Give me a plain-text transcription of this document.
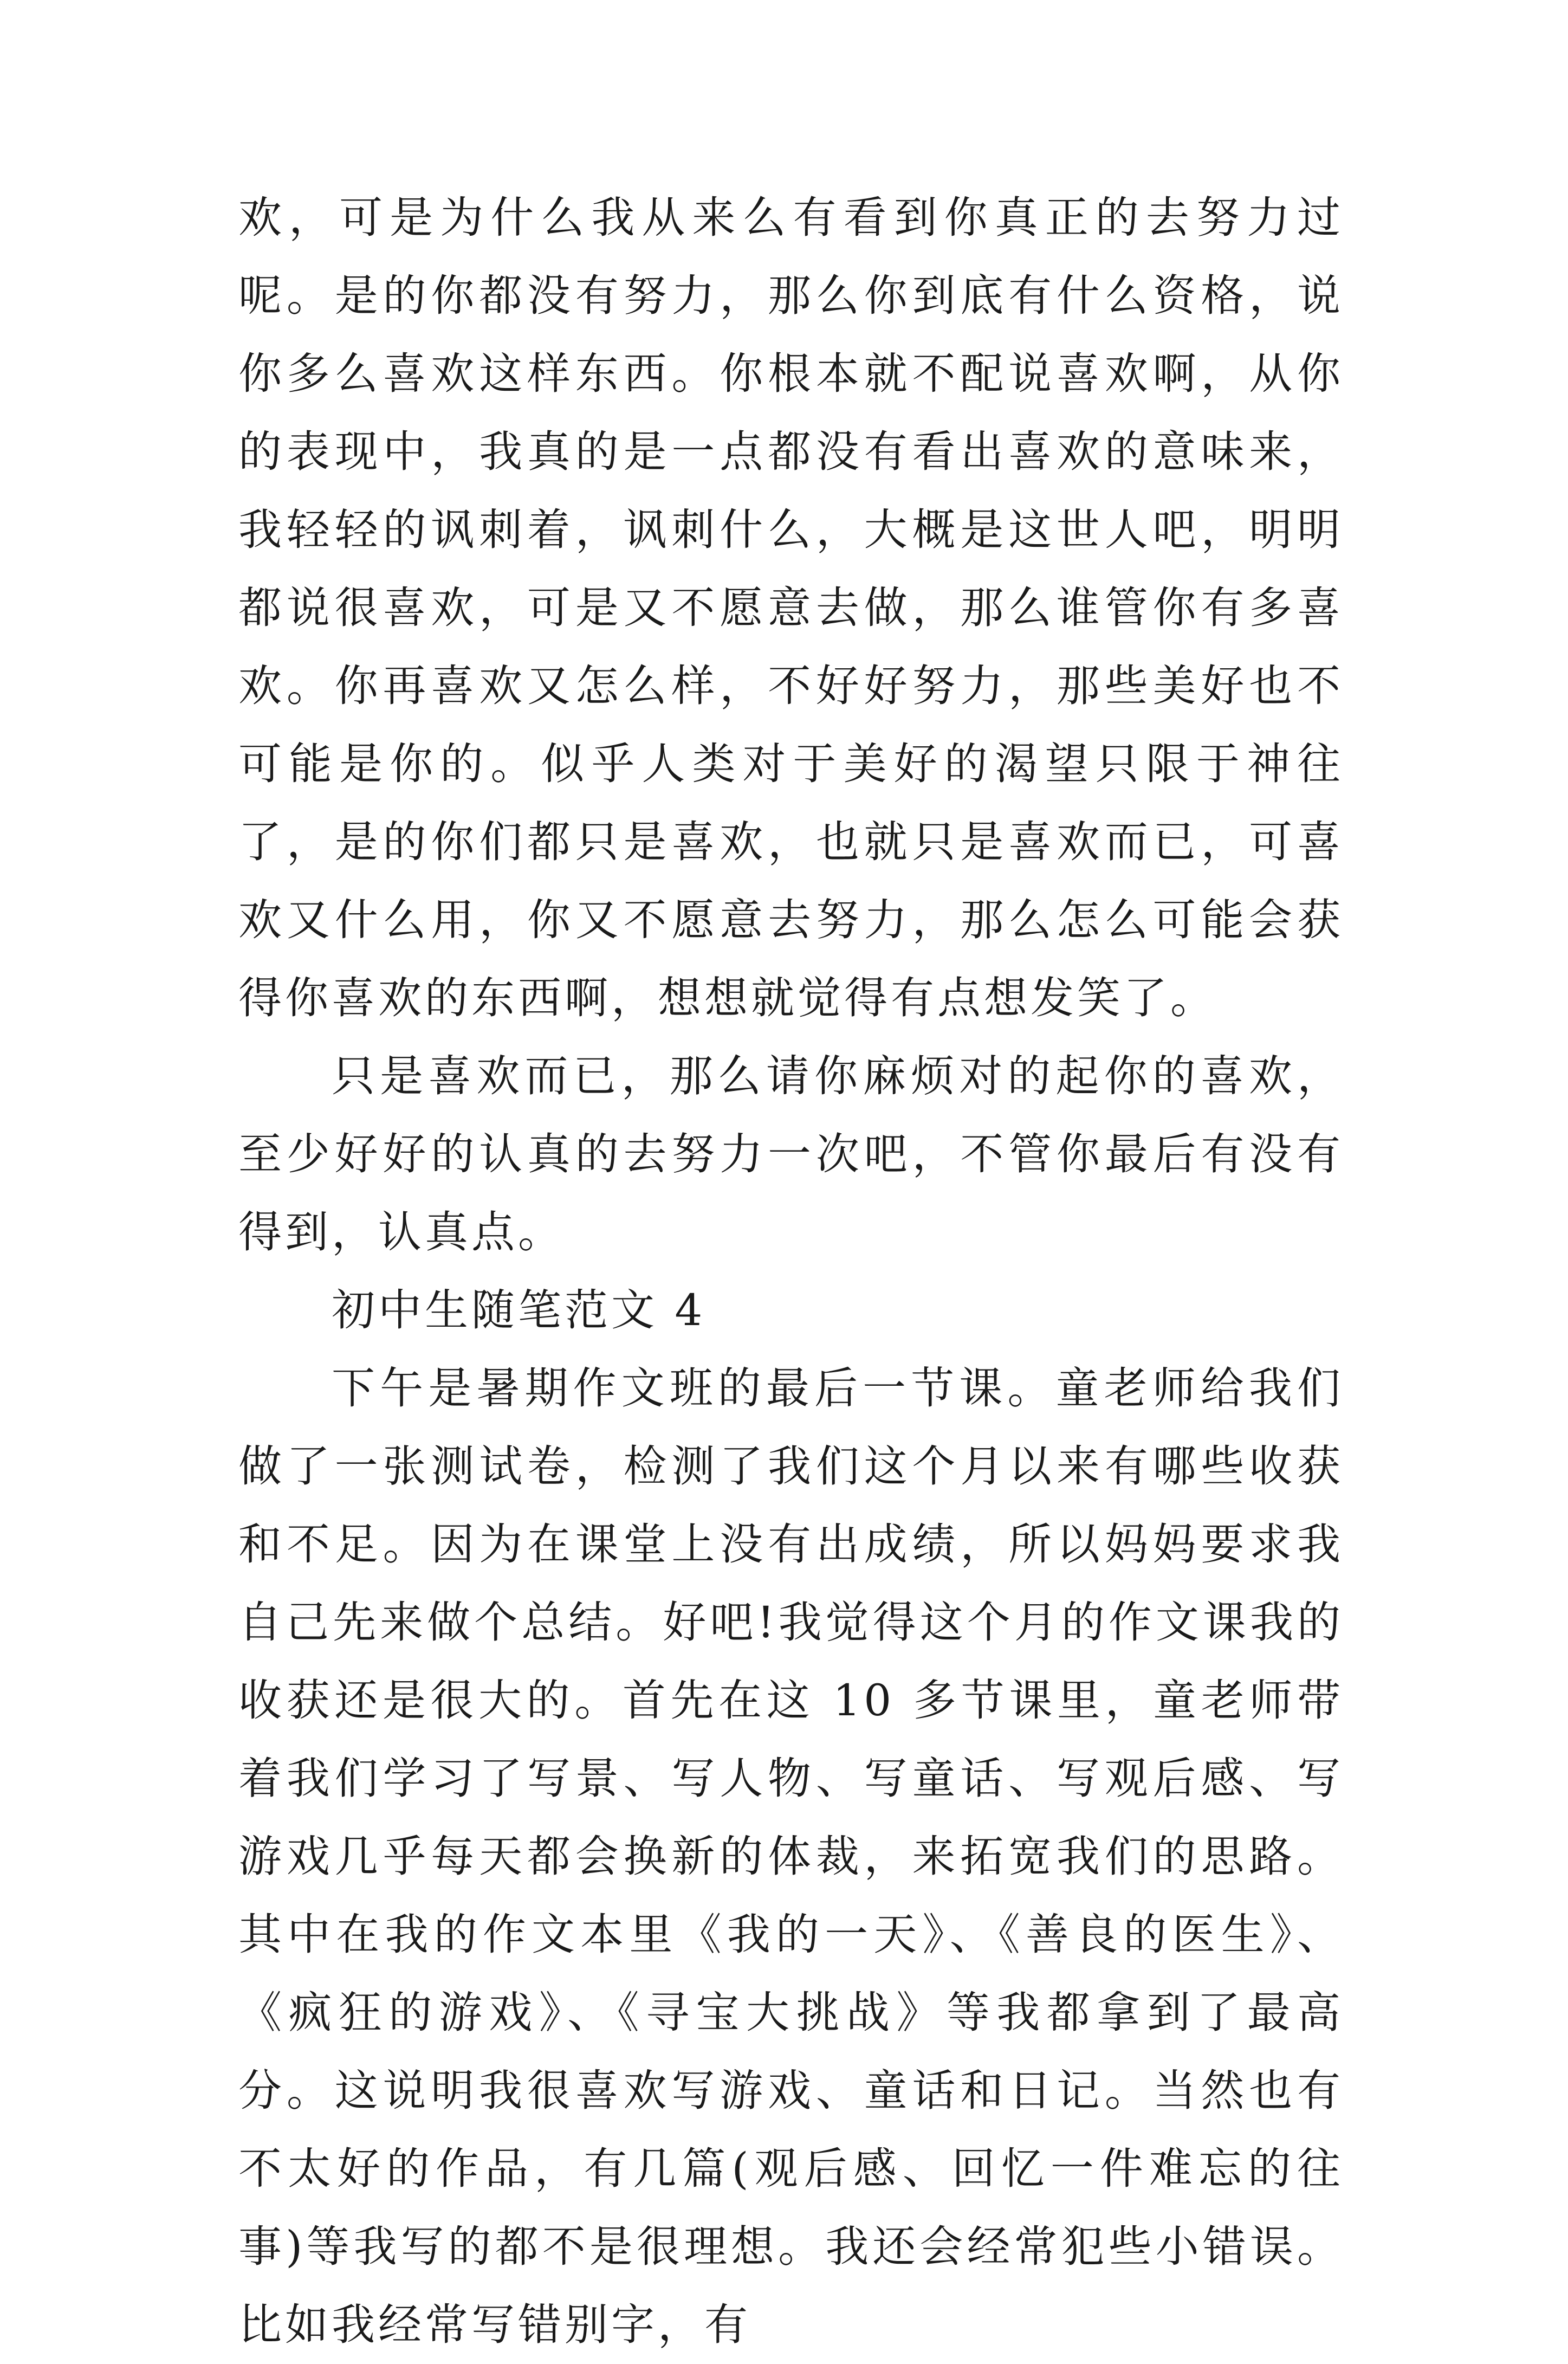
欢，可是为什么我从来么有看到你真正的去努力过呢。是的你都没有努力，那么你到底有什么资格，说你多么喜欢这样东西。你根本就不配说喜欢啊，从你的表现中，我真的是一点都没有看出喜欢的意味来，我轻轻的讽刺着，讽刺什么，大概是这世人吧，明明都说很喜欢，可是又不愿意去做，那么谁管你有多喜欢。你再喜欢又怎么样，不好好努力，那些美好也不可能是你的。似乎人类对于美好的渴望只限于神往了，是的你们都只是喜欢，也就只是喜欢而已，可喜欢又什么用，你又不愿意去努力，那么怎么可能会获得你喜欢的东西啊，想想就觉得有点想发笑了。

只是喜欢而已，那么请你麻烦对的起你的喜欢，至少好好的认真的去努力一次吧，不管你最后有没有得到，认真点。

初中生随笔范文 4

下午是暑期作文班的最后一节课。童老师给我们做了一张测试卷，检测了我们这个月以来有哪些收获和不足。因为在课堂上没有出成绩，所以妈妈要求我自己先来做个总结。好吧!我觉得这个月的作文课我的收获还是很大的。首先在这 10 多节课里，童老师带着我们学习了写景、写人物、写童话、写观后感、写游戏几乎每天都会换新的体裁，来拓宽我们的思路。其中在我的作文本里《我的一天》、《善良的医生》、《疯狂的游戏》、《寻宝大挑战》等我都拿到了最高分。这说明我很喜欢写游戏、童话和日记。当然也有不太好的作品，有几篇(观后感、回忆一件难忘的往事)等我写的都不是很理想。我还会经常犯些小错误。比如我经常写错别字，有
